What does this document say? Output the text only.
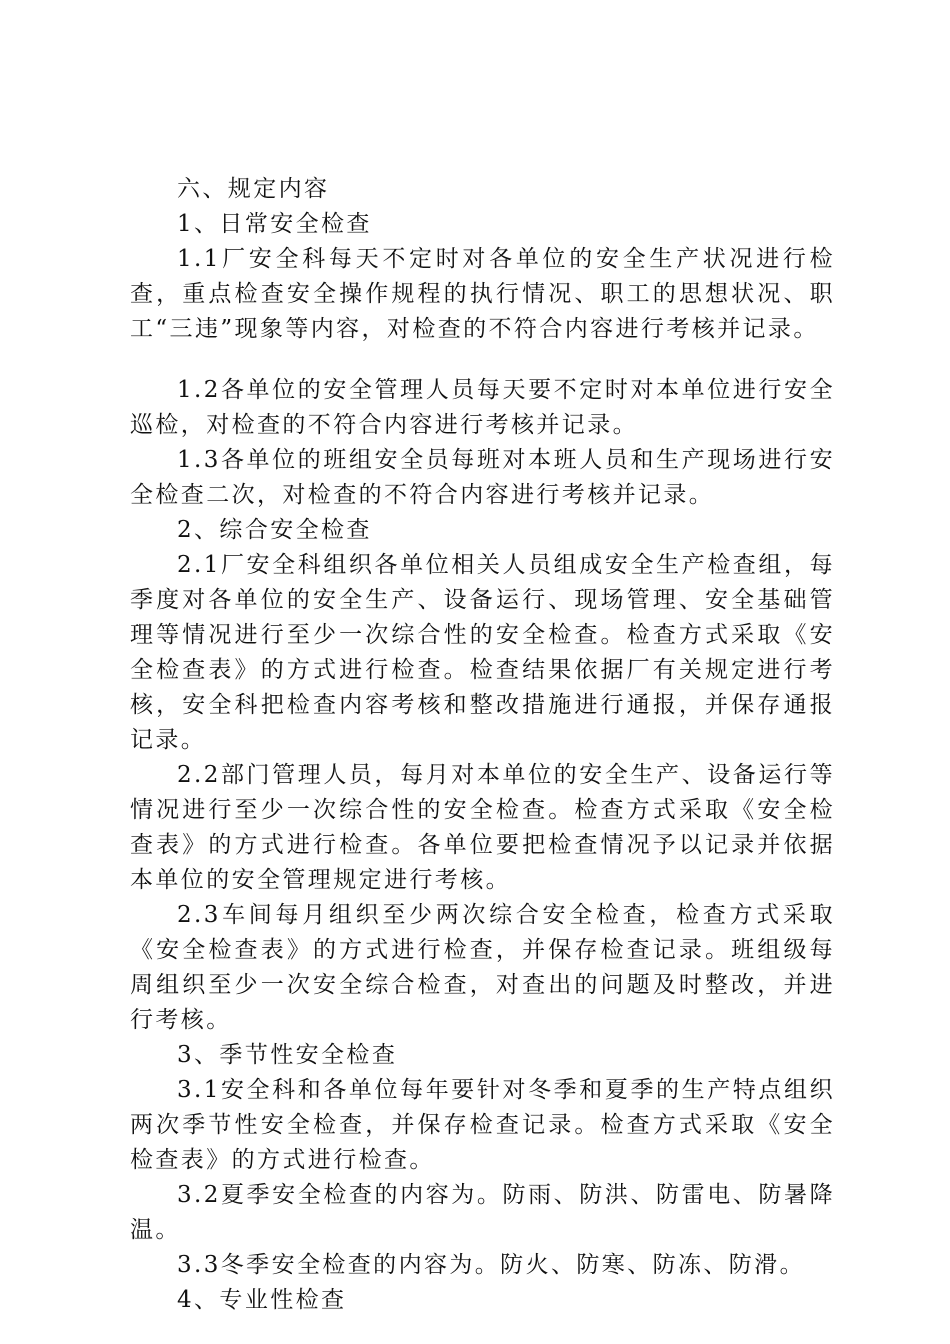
六、规定内容

1、日常安全检查

1.1厂安全科每天不定时对各单位的安全生产状况进行检查，重点检查安全操作规程的执行情况、职工的思想状况、职工“三违”现象等内容，对检查的不符合内容进行考核并记录。

1.2各单位的安全管理人员每天要不定时对本单位进行安全巡检，对检查的不符合内容进行考核并记录。

1.3各单位的班组安全员每班对本班人员和生产现场进行安全检查二次，对检查的不符合内容进行考核并记录。

2、综合安全检查

2.1厂安全科组织各单位相关人员组成安全生产检查组，每季度对各单位的安全生产、设备运行、现场管理、安全基础管理等情况进行至少一次综合性的安全检查。检查方式采取《安全检查表》的方式进行检查。检查结果依据厂有关规定进行考核，安全科把检查内容考核和整改措施进行通报，并保存通报记录。

2.2部门管理人员，每月对本单位的安全生产、设备运行等情况进行至少一次综合性的安全检查。检查方式采取《安全检查表》的方式进行检查。各单位要把检查情况予以记录并依据本单位的安全管理规定进行考核。

2.3车间每月组织至少两次综合安全检查，检查方式采取《安全检查表》的方式进行检查，并保存检查记录。班组级每周组织至少一次安全综合检查，对查出的问题及时整改，并进行考核。

3、季节性安全检查

3.1安全科和各单位每年要针对冬季和夏季的生产特点组织两次季节性安全检查，并保存检查记录。检查方式采取《安全检查表》的方式进行检查。

3.2夏季安全检查的内容为。防雨、防洪、防雷电、防暑降温。

3.3冬季安全检查的内容为。防火、防寒、防冻、防滑。

4、专业性检查
